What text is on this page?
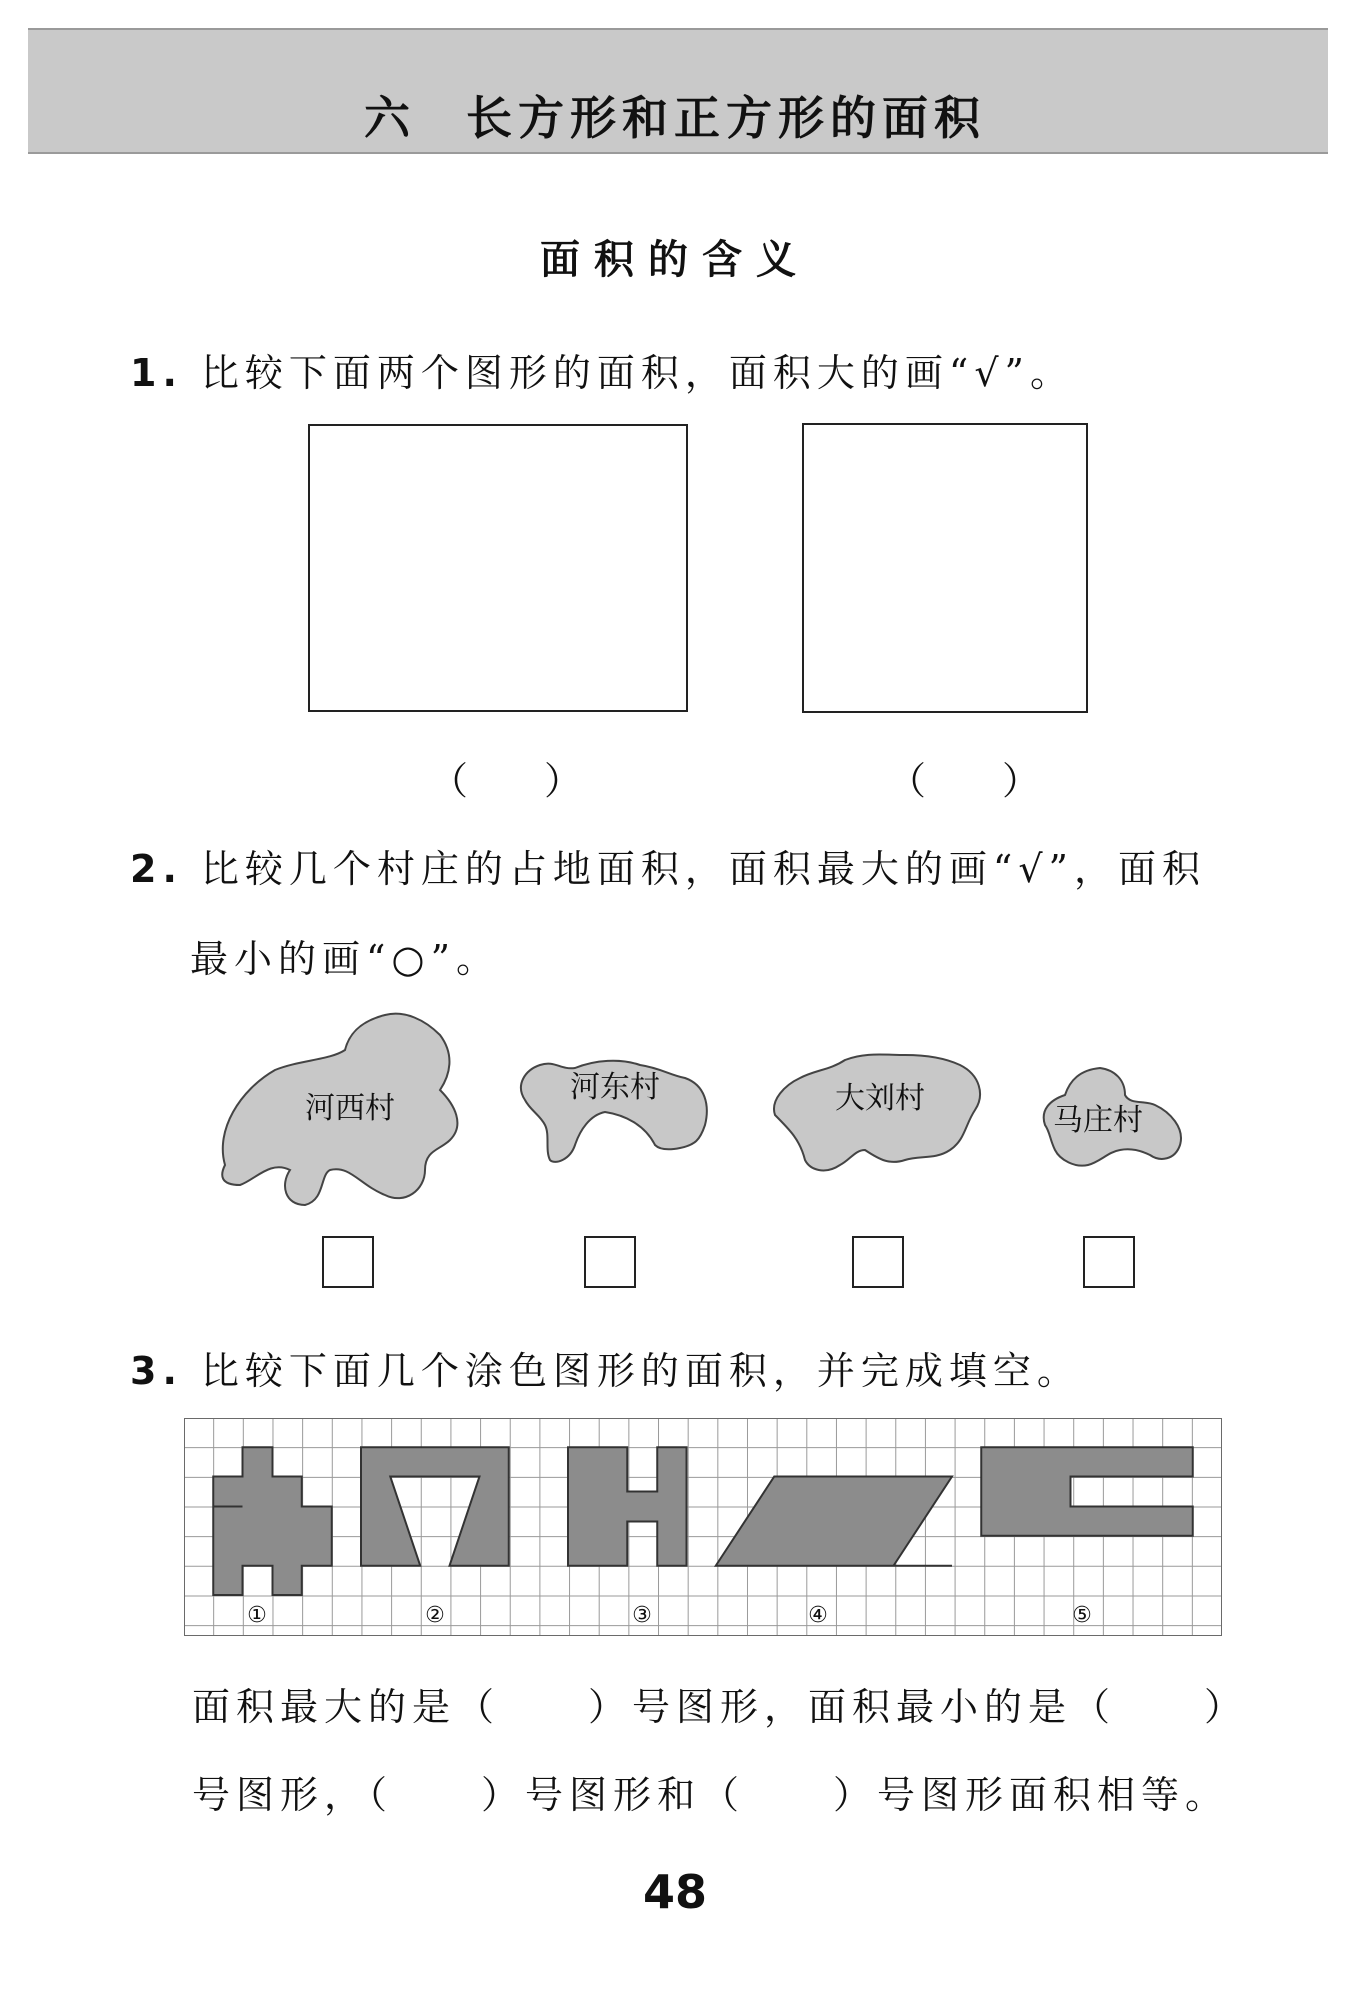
六 长方形和正方形的面积
面积的含义
1. 比较下面两个图形的面积，面积大的画“√”。
（　　）	（　　）
2. 比较几个村庄的占地面积，面积最大的画“√”，面积
最小的画“○”。
河西村
河东村	大刘村
马庄村
3. 比较下面几个涂色图形的面积，并完成填空。
①	②	③	④	⑤
面积最大的是（　　）号图形，面积最小的是（　　）
号图形，（　　）号图形和（　　）号图形面积相等。
48
